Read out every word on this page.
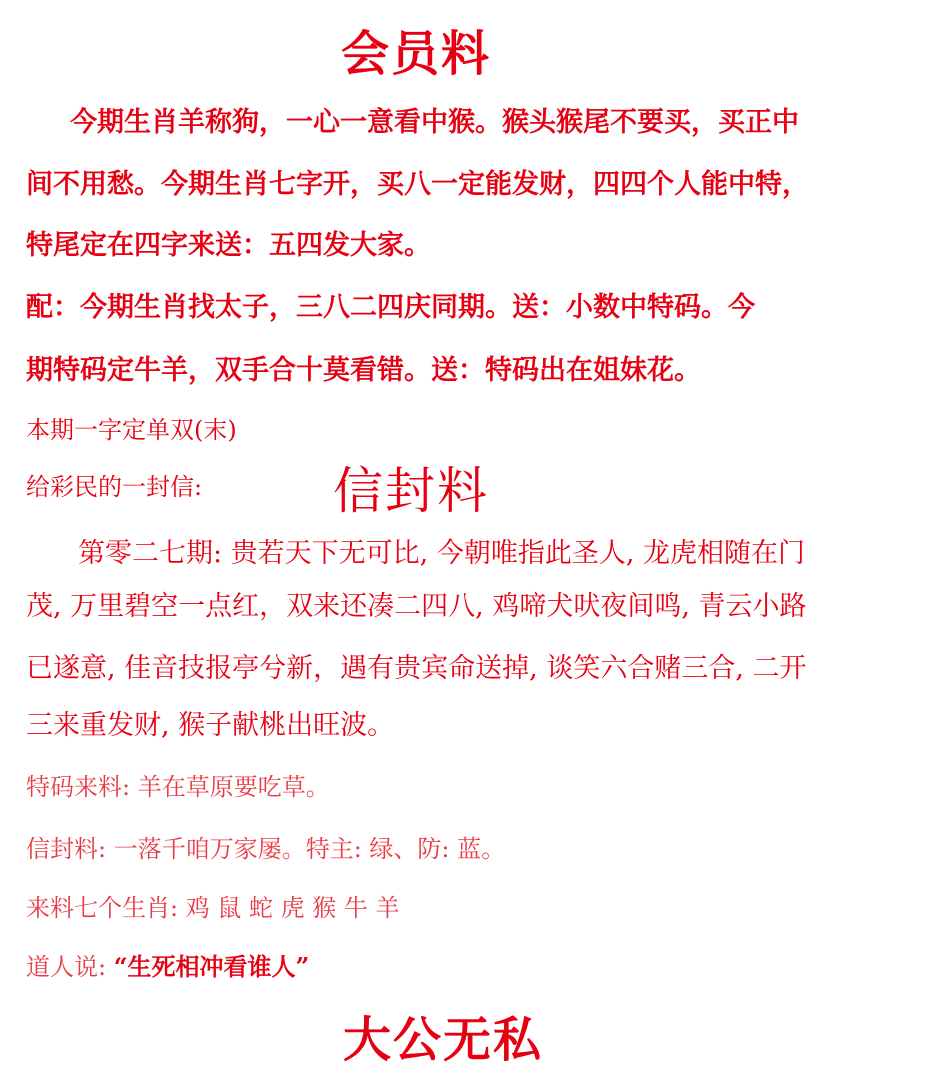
会员料
今期生肖羊称狗，一心一意看中猴。猴头猴尾不要买，买正中
间不用愁。今期生肖七字开，买八一定能发财，四四个人能中特，
特尾定在四字来送：五四发大家。
配：今期生肖找太子，三八二四庆同期。送：小数中特码。今
期特码定牛羊，双手合十莫看错。送：特码出在姐妹花。
本期一字定单双(末)
给彩民的一封信:	信封料
第零二七期: 贵若天下无可比, 今朝唯指此圣人, 龙虎相随在门
茂, 万里碧空一点红，双来还凑二四八, 鸡啼犬吠夜间鸣, 青云小路
已遂意, 佳音技报亭兮新，遇有贵宾命送掉, 谈笑六合赌三合, 二开
三来重发财, 猴子献桃出旺波。
特码来料: 羊在草原要吃草。
信封料: 一落千咱万家屡。特主: 绿、防: 蓝。
来料七个生肖: 鸡 鼠 蛇 虎 猴 牛 羊
道人说: “生死相冲看谁人”
大公无私
